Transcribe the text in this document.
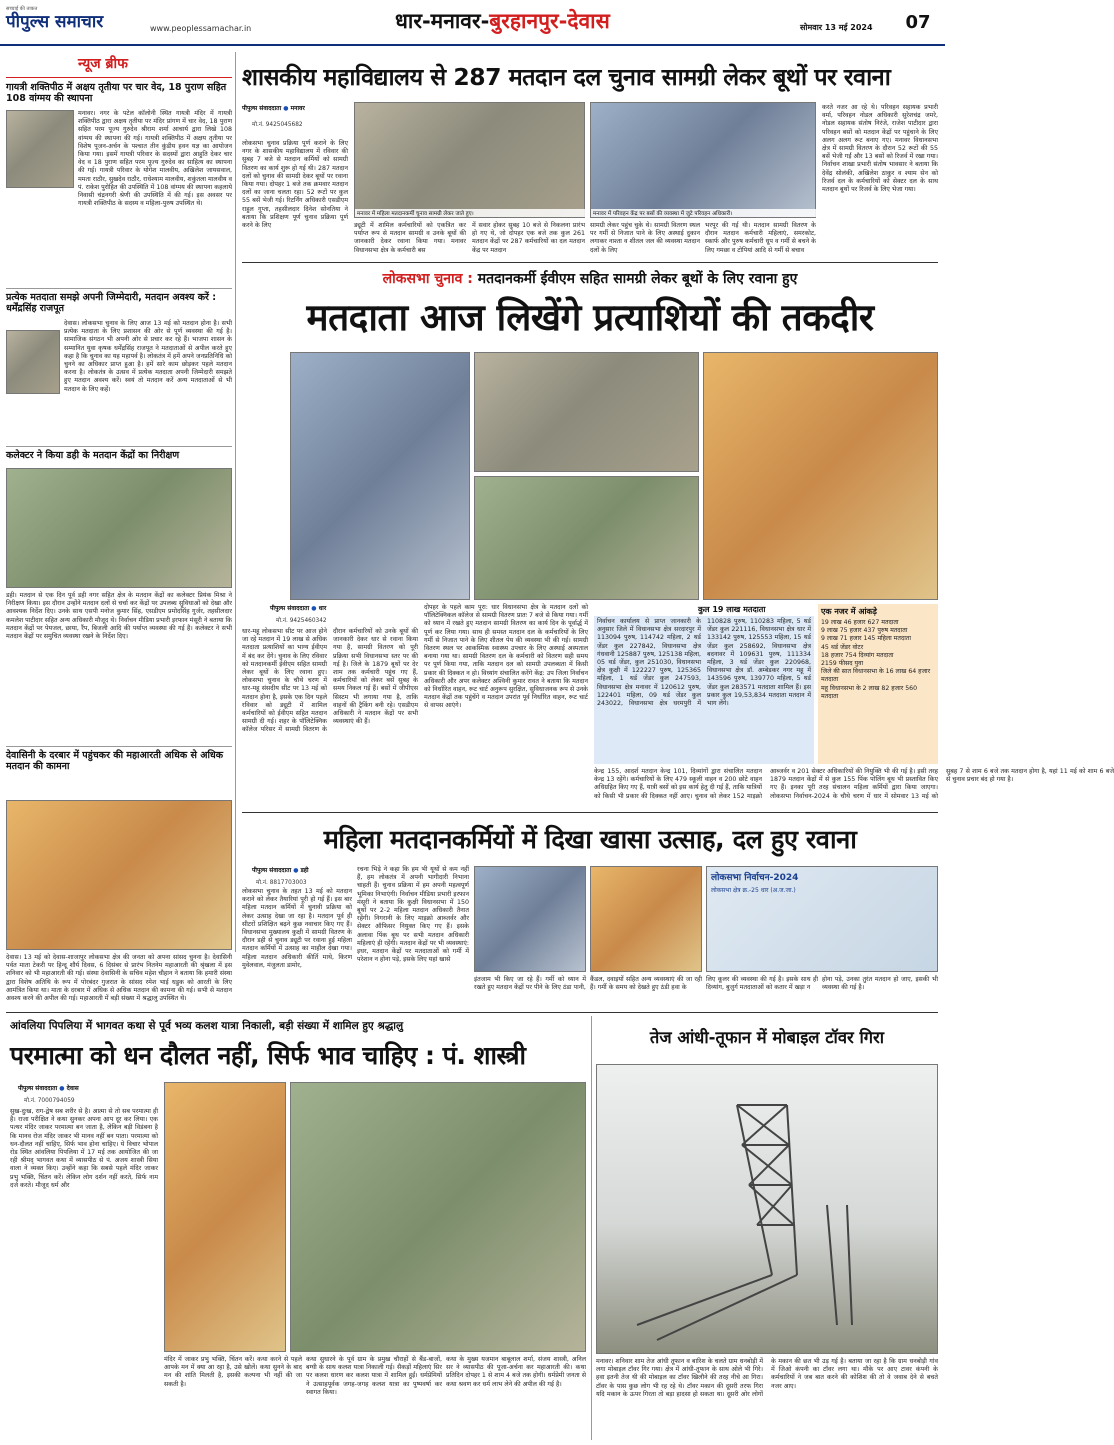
सच्चाई की ताकत
पीपुल्स समाचार	www.peoplessamachar.in	धार-मनावर-बुरहानपुर-देवास	सोमवार 13 मई 2024	07
न्यूज ब्रीफ
गायत्री शक्तिपीठ में अक्षय तृतीया पर चार वेद, 18 पुराण सहित 108 वांग्मय की स्थापना
मनावर। नगर के पटेल कॉलोनी स्थित गायत्री मंदिर में गायत्री शक्तिपीठ द्वारा अक्षय तृतीया पर मंदिर प्रांगण में चार वेद, 18 पुराण सहित परम पूज्य गुरुदेव श्रीराम शर्मा आचार्य द्वारा लिखे 108 वांग्मय की स्थापना की गई। गायत्री शक्तिपीठ में अक्षय तृतीया पर विशेष पूजन-अर्चन के पश्चात तीन कुंडीय हवन यज्ञ का आयोजन किया गया। इसमें गायत्री परिवार के सदस्यों द्वारा आहुति देकर चार वेद व 18 पुराण सहित परम पूज्य गुरुदेव का साहित्य का स्थापना की गई। गायत्री परिवार के योगेश मालवीय, अखिलेश जायसवाल, ममता राठौर, सुखदेव राठौर, राधेश्याम मालवीय, शकुंतला मालवीय व पं. राकेश पुरोहित की उपस्थिति में 108 वांग्मय की स्थापना कहलाये निवासी चंद्रनगरी श्रेणी की उपस्थिति में की गई। इस अवसर पर गायत्री शक्तिपीठ के सदस्य व महिला-पुरुष उपस्थित थे।
प्रत्येक मतदाता समझे अपनी जिम्मेदारी, मतदान अवश्य करें : धर्मेंद्रसिंह राजपूत
देवास। लोकसभा चुनाव के लिए आज 13 मई को मतदान होना है। सभी प्रत्येक मतदाता के लिए प्रशासन की ओर से पूर्ण व्यवस्था की गई है। सामाजिक संगठन भी अपनी ओर से प्रचार कर रहे हैं। भाजपा शासन के सम्मानित युवा कृषक धर्मेंद्रसिंह राजपूत ने मतदाताओं से अपील करते हुए कहा है कि चुनाव का यह महापर्व है। लोकतंत्र में हमें अपने जनप्रतिनिधि को चुनने का अधिकार प्राप्त हुआ है। हमें सारे काम छोड़कर पहले मतदान करना है। लोकतंत्र के उत्सव में प्रत्येक मतदाता अपनी जिम्मेदारी समझते हुए मतदान अवश्य करें। स्वयं तो मतदान करें अन्य मतदाताओं से भी मतदान के लिए कहें।
कलेक्टर ने किया डही के मतदान केंद्रों का निरीक्षण
डही। मतदान से एक दिन पूर्व डही नगर सहित क्षेत्र के मतदान केंद्रों का कलेक्टर प्रियंक मिश्रा ने निरीक्षण किया। इस दौरान उन्होंने मतदान दलों से चर्चा कर केंद्रों पर उपलब्ध सुविधाओं को देखा और आवश्यक निर्देश दिए। उनके साथ एसपी मनोज कुमार सिंह, एसडीएम प्रमोदसिंह गुर्जर, तहसीलदार कमलेश पाटीदार सहित अन्य अधिकारी मौजूद थे। निर्वाचन मीडिया प्रभारी इरफान मंसूरी ने बताया कि मतदान केंद्रों पर पेयजल, छाया, रैंप, बिजली आदि की पर्याप्त व्यवस्था की गई है। कलेक्टर ने सभी मतदान केंद्रों पर समुचित व्यवस्था रखने के निर्देश दिए।
देवासिनी के दरबार में पहुंचकर की महाआरती अधिक से अधिक मतदान की कामना
देवास। 13 मई को देवास-शाजापुर लोकसभा क्षेत्र की जनता को अपना सांसद चुनना है। देवासिनी पर्वत माता टेकरी पर हिन्दू शौर्य दिवस, 6 दिसंबर से प्रारंभ नितनेम महाआरती की श्रृंखला में इस शनिवार को भी महाआरती की गई। संस्था देवासिनी के सचिव महेश चौहान ने बताया कि हमारी संस्था द्वारा विशेष अतिथि के रूप में पोरबंदर गुजरात के सांसद रमेश भाई धडुक को आरती के लिए आमंत्रित किया था। माता के दरबार में अधिक से अधिक मतदान की कामना की गई। सभी से मतदान अवश्य करने की अपील की गई। महाआरती में बड़ी संख्या में श्रद्धालु उपस्थित थे।
शासकीय महाविद्यालय से 287 मतदान दल चुनाव सामग्री लेकर बूथों पर रवाना
पीपुल्स संवाददाता ● मनावर
मो.नं. 9425045682
लोकसभा चुनाव प्रक्रिया पूर्ण कराने के लिए नगर के शासकीय महाविद्यालय में रविवार की सुबह 7 बजे से मतदान कर्मियों को सामग्री वितरण का कार्य शुरू हो गई थी। 287 मतदान दलों को चुनाव की सामग्री देकर बूथों पर रवाना किया गया। दोपहर 1 बजे तक क्रमवार मतदान दलों का जाना चलता रहा। 52 रूटों पर कुल 55 बसें भेजी गई। रिटर्निंग अधिकारी एसडीएम राहुल गुप्ता, तहसीलदार दिनेश सोनतिया ने बताया कि प्रशिक्षण पूर्ण चुनाव प्रक्रिया पूर्ण करने के लिए
मनावर में महिला मतदानकर्मी चुनाव सामग्री लेकर जाते हुए।	मनावर में परिवहन केंद्र पर बसों की व्यवस्था में जुटे परिवहन अधिकारी।
ड्यूटी में शामिल कर्मचारियों को एकत्रित कर पर्याप्त रूप से मतदान सामग्री व उनके बूथों की जानकारी देकर रवाना किया गया। मनावर विधानसभा क्षेत्र के कर्मचारी बस
में सवार होकर सुबह 10 बजे से निकलना प्रारंभ हो गए थे, जो दोपहर एक बजे तक कुल 261 मतदान केंद्रों पर 287 कर्मचारियों का दल मतदान केंद्र पर मतदान
सामग्री लेकर पहुंच चुके थे। सामग्री वितरण स्थल पर गर्मी से निजात पाने के लिए अस्थाई दुकान लगाकर नाश्ता व शीतल जल की व्यवस्था मतदान दलों के लिए
भरपूर की गई थी। मतदान सामग्री वितरण के दौरान मतदान कर्मचारी महिलाएं, समरकोट, स्कार्फ और पुरुष कर्मचारी धूप व गर्मी से बचने के लिए गमछा व टोपियां आदि से गर्मी से बचाव
करते नजर आ रहे थे। परिवहन सहायक प्रभारी वर्मा, परिवहन नोडल अधिकारी सुरेशचंद्र जमरे, नोडल सहायक संतोष निरंजे, राजेश पाटीदार द्वारा परिवहन बसों को मतदान केंद्रों पर पहुंचाने के लिए अलग अलग रूट बनाए गए। मनावर विधानसभा क्षेत्र में सामग्री वितरण के दौरान 52 रूटों की 55 बसें भेजी गईं और 13 बसों को रिजर्व में रखा गया। निर्वाचन शाखा प्रभारी संतोष भावसार ने बताया कि देवेंद्र सोलंकी, अखिलेश ठाकुर व श्याम सेन को रिजर्व दल के कर्मचारियों को सेक्टर दल के साथ मतदान बूथों पर रिजर्व के लिए भेजा गया।
लोकसभा चुनाव : मतदानकर्मी ईवीएम सहित सामग्री लेकर बूथों के लिए रवाना हुए
मतदाता आज लिखेंगे प्रत्याशियों की तकदीर
पीपुल्स संवाददाता ● धार
मो.नं. 9425460342
धार-महू लोकसभा सीट पर आज होने जा रहे मतदान में 19 लाख से अधिक मतदाता प्रत्याशियों का भाग्य ईवीएम में बंद कर देंगे। चुनाव के लिए रविवार को मतदानकर्मी ईवीएम सहित सामग्री लेकर बूथों के लिए रवाना हुए। लोकसभा चुनाव के चौथे चरण में धार-महू संसदीय सीट पर 13 मई को मतदान होना है, इसके एक दिन पहले रविवार को ड्यूटी में शामिल कर्मचारियों को ईवीएम सहित मतदान सामग्री दी गई। शहर के पॉलिटेक्निक कॉलेज परिसर में सामग्री वितरण के दौरान कर्मचारियों को उनके बूथों की जानकारी देकर धार से रवाना किया गया है, सामग्री वितरण को पूरी प्रक्रिया सभी विधानसभा स्तर पर की गई है। जिले के 1879 बूथों पर देर शाम तक कर्मचारी पहुंच गए हैं, कर्मचारियों को लेकर बसें सुबह के समय निकल गई हैं। बसों में जीपीएस सिस्टम भी लगाया गया है, ताकि वाहनों की ट्रैकिंग बनी रहे। एसडीएम अधिकारी ने मतदान केंद्रों पर सभी व्यवस्थाएं की हैं।
दोपहर के पहले काम पूरा: धार विधानसभा क्षेत्र के मतदान दलों को पॉलिटेक्निकल कॉलेज से सामग्री वितरण प्रातः 7 बजे से किया गया। गर्मी को ध्यान में रखते हुए मतदान सामग्री वितरण का कार्य दिन के पूर्वार्द्ध में पूर्ण कर लिया गया। साथ ही समस्त मतदान दल के कर्मचारियों के लिए गर्मी से निजात पाने के लिए शीतल पेय की व्यवस्था भी की गई। सामग्री वितरण स्थल पर आकस्मिक स्वास्थ्य उपचार के लिए अस्थाई अस्पताल बनाया गया था। सामग्री वितरण दल के कर्मचारी को वितरण सही समय पर पूर्ण किया गया, ताकि मतदान दल को सामग्री उपलब्धता में किसी प्रकार की दिक्कत न हो। विध्यांग संचालित करेंगे केंद्र: उप जिला निर्वाचन अधिकारी और अपर कलेक्टर अश्विनी कुमार रावत ने बताया कि मतदान को निर्धारित वाहन, रूट चार्ट अनुरूप सुरक्षित, सुविधाजनक रूप से उनके मतदान केंद्रों तक पहुंचेंगे व मतदान उपरांत पूर्व निर्धारित वाहन, रूट चार्ट से वापस आएंगे।
कुल 19 लाख मतदाता
निर्वाचन कार्यालय से प्राप्त जानकारी के अनुसार जिले में विधानसभा क्षेत्र सरदारपुर में 113094 पुरुष, 114742 महिला, 2 थर्ड जेंडर कुल 227842, विधानसभा क्षेत्र गंधवानी 125887 पुरुष, 125138 महिला, 05 थर्ड जेंडर, कुल 251030, विधानसभा क्षेत्र कुक्षी में 122227 पुरुष, 125365 महिला, 1 थर्ड जेंडर कुल 247593, विधानसभा क्षेत्र मनावर में 120612 पुरुष, 122401 महिला, 09 थर्ड जेंडर कुल 243022, विधानसभा क्षेत्र धरमपुरी में 110828 पुरुष, 110283 महिला, 5 थर्ड जेंडर कुल 221116, विधानसभा क्षेत्र धार में 133142 पुरुष, 125553 महिला, 15 थर्ड जेंडर कुल 258692, विधानसभा क्षेत्र बदनावर में 109631 पुरुष, 111334 महिला, 3 थर्ड जेंडर कुल 220968, विधानसभा क्षेत्र डॉ. अम्बेडकर नगर महू में 143596 पुरुष, 139770 महिला, 5 थर्ड जेंडर कुल 283571 मतदाता शामिल हैं। इस प्रकार कुल 19,53,834 मतदाता मतदान में भाग लेंगे।
एक नजर में आंकड़े
19 लाख 46 हजार 627 मतदाता
9 लाख 75 हजार 437 पुरुष मतदाता
9 लाख 71 हजार 145 महिला मतदाता
45 थर्ड जेंडर वोटर
18 हजार 754 दिव्यांग मतदाता
2159 फीसद युवा
जिले की सात विधानसभा के 16 लाख 64 हजार मतदाता
महू विधानसभा के 2 लाख 82 हजार 560 मतदाता
केन्द्र 155, आदर्श मतदान केन्द्र 101, दिव्यांगों द्वारा संचालित मतदान केन्द्र 13 रहेंगे। कर्मचारियों के लिए 479 स्कूली वाहन व 200 छोटे वाहन अधिग्रहित किए गए हैं, यात्री बसों को इस कार्य हेतु दी गई हैं, ताकि यात्रियों को किसी भी प्रकार की दिक्कत नहीं आए। चुनाव को लेकर 152 माइक्रो आब्जर्वर व 201 सेक्टर अधिकारियों की नियुक्ति भी की गई है। इसी तरह 1879 मतदान केंद्रों में से कुल 155 पिंक पोलिंग बूथ भी प्रस्तावित किए गए हैं। इनका पूरी तरह संचालन महिला कर्मियों द्वारा किया जाएगा। लोकसभा निर्वाचन-2024 के चौथे चरण में धार में सोमवार 13 मई को सुबह 7 से शाम 6 बजे तक मतदान होगा है, यहां 11 मई को शाम 6 बजे से चुनाव प्रचार बंद हो गया है।
महिला मतदानकर्मियों में दिखा खासा उत्साह, दल हुए रवाना
पीपुल्स संवाददाता ● डही
मो.नं. 8817703003
लोकसभा चुनाव के तहत 13 मई को मतदान कराने को लेकर तैयारियां पूरी हो गई हैं। इस बार महिला मतदान कर्मियों में चुनावी प्रक्रिया को लेकर उत्साह देखा जा रहा है। मतदान पूर्व ही सीटरों प्रशिक्षित बढ़ने कुछ नवाचार किए गए हैं। विधानसभा मुख्यालय कुक्षी में सामग्री वितरण के दौरान डही से चुनाव ड्यूटी पर रवाना हुई महिला मतदान कर्मियों में उत्साह का माहौल देखा गया। महिला मतदान अधिकारी कीर्ति माथे, किरण मुवेलवाल, मंजुलता डामोर,
रचना भिड़े ने कहा कि हम भी यूथों से कम नहीं हैं, हम लोकतंत्र में अपनी भागीदारी निभाना चाहती हैं। चुनाव प्रक्रिया में हम अपनी महत्वपूर्ण भूमिका निभाएंगी। निर्वाचन मीडिया प्रभारी इरफान मंसूरी ने बताया कि कुक्षी विधानसभा में 150 बूथों पर 2-2 महिला मतदान अधिकारी तैनात रहेंगी। निगरानी के लिए माइक्रो आब्जर्वर और सेक्टर ऑफिसर नियुक्त किए गए हैं। इसके अलावा पिंक बूथ पर सभी मतदान अधिकारी महिलाएं ही रहेंगी। मतदान केंद्रों पर भी व्यवस्थाएं: इधर, मतदान केंद्रों पर मतदाताओं को गर्मी में परेशान न होना पड़े, इसके लिए यहां खासे
लोकसभा निर्वाचन-2024
लोकसभा क्षेत्र क्र.-25 धार (अ.ज.जा.)
इंतजाम भी किए जा रहे हैं। गर्मी को ध्यान में रखते हुए मतदान केंद्रों पर पीने के लिए ठंडा पानी,
कैंडल, दवाइयों सहित अन्य व्यवस्थाएं की जा रही हैं। गर्मी के समय को देखते हुए ठंडी हवा के
लिए कूलर की व्यवस्था की गई है। इसके साथ ही दिव्यांग, बुजुर्ग मतदाताओं को कतार में खड़ा न
होना पड़े, उनका तुरंत मतदान हो जाए, इसकी भी व्यवस्था की गई है।
आंवलिया पिपलिया में भागवत कथा से पूर्व भव्य कलश यात्रा निकाली, बड़ी संख्या में शामिल हुए श्रद्धालु
परमात्मा को धन दौलत नहीं, सिर्फ भाव चाहिए : पं. शास्त्री
पीपुल्स संवाददाता ● देवास
मो.नं. 7000794059
सुख-दुःख, राग-द्वेष सब शरीर से है। आत्मा से तो सब परमात्मा ही है। राजा परीक्षित ने कथा सुनकर अपना आप दूर कर लिया। एक पत्थर मंदिर जाकर परमात्मा बन जाता है, लेकिन बड़ी विडंबना है कि मानव रोज मंदिर जाकर भी मानव नहीं बन पाता। परमात्मा को धन-दौलत नहीं चाहिए, सिर्फ भाव होना चाहिए। ये विचार भोपाल रोड स्थित आंवलिया पिपलिया में 17 मई तक आयोजित की जा रही श्रीमद् भागवत कथा में व्यासपीठ से पं. अजय शास्त्री सिया वाला ने व्यक्त किए। उन्होंने कहा कि सबसे पहले मंदिर जाकर प्रभु भक्ति, चिंतन करें। लेकिन लोग दर्शन नहीं करते, सिर्फ नाम दर्ज करते। मौजूद धर्म और
मंदिर में जाकर प्रभु भक्ति, चिंतन करें। कथा करने से पहले आपके मन में क्या आ रहा है, उसे खोलें। कथा सुनने के बाद मन की शांति मिलती है, इसकी कल्पना भी नहीं की जा सकती है।
कथा सुधारने के पूर्व ग्राम के प्रमुख चौराहों से बैंड-बाजों, बग्घी के साथ कलश यात्रा निकाली गई। सैकड़ों महिलाएं सिर पर कलश धारण कर कलश यात्रा में शामिल हुईं। धर्मप्रेमियों ने उत्साहपूर्वक जगह-जगह कलश यात्रा का पुष्पवर्षा कर स्वागत किया।
कथा के मुख्य यजमान बाबूलाल शर्मा, संजय शास्त्री, अनिल सर ने व्यासपीठ की पूजा-अर्चना कर महाआरती की। कथा प्रतिदिन दोपहर 1 से शाम 4 बजे तक होगी। धर्मप्रेमी जनता से कथा श्रवण कर धर्म लाभ लेने की अपील की गई है।
तेज आंधी-तूफान में मोबाइल टॉवर गिरा
मनावर। शनिवार शाम तेज आंधी तूफान व बारिश के चलते ग्राम धनबोड़ी में लगा मोबाइल टॉवर गिर गया। क्षेत्र में आंधी-तूफान के साथ ओले भी गिरे। हवा इतनी तेज थी की मोबाइल का टॉवर खिलौने की तरह नीचे आ गिरा। टॉवर के पास कुछ लोग भी रह रहे थे। टॉवर मकान की दूसरी तरफ गिरा यदि मकान के ऊपर गिरता तो बड़ा हादसा हो सकता था। दूसरी ओर लोगों के मकान की छत भी उड़ गई है। बताया जा रहा है कि ग्राम धनबोड़ी गांव में जिओ कंपनी का टॉवर लगा था। मौके पर आए टावर कंपनी के कर्मचारियों ने जब बात करने की कोशिश की तो वे जवाब देने से बचते नजर आए।
